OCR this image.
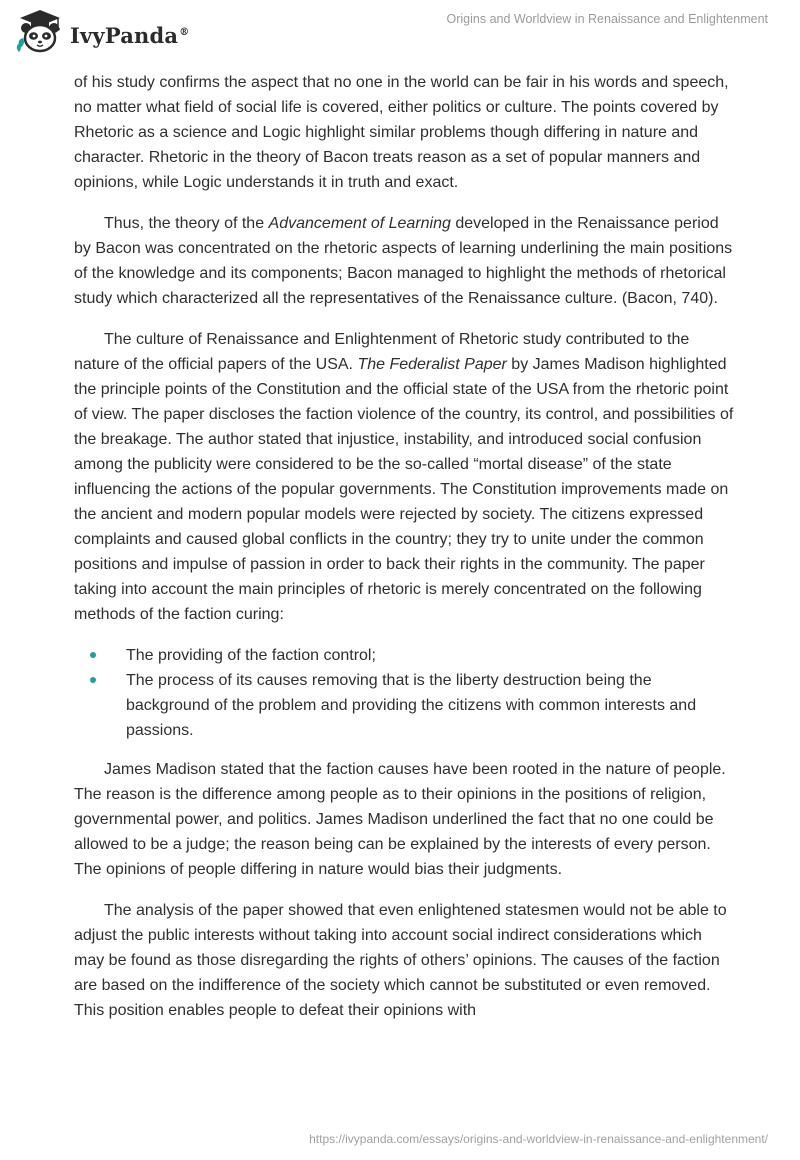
IvyPanda®
Origins and Worldview in Renaissance and Enlightenment

of his study confirms the aspect that no one in the world can be fair in his words and speech, no matter what field of social life is covered, either politics or culture. The points covered by Rhetoric as a science and Logic highlight similar problems though differing in nature and character. Rhetoric in the theory of Bacon treats reason as a set of popular manners and opinions, while Logic understands it in truth and exact.

Thus, the theory of the Advancement of Learning developed in the Renaissance period by Bacon was concentrated on the rhetoric aspects of learning underlining the main positions of the knowledge and its components; Bacon managed to highlight the methods of rhetorical study which characterized all the representatives of the Renaissance culture. (Bacon, 740).

The culture of Renaissance and Enlightenment of Rhetoric study contributed to the nature of the official papers of the USA. The Federalist Paper by James Madison highlighted the principle points of the Constitution and the official state of the USA from the rhetoric point of view. The paper discloses the faction violence of the country, its control, and possibilities of the breakage. The author stated that injustice, instability, and introduced social confusion among the publicity were considered to be the so-called “mortal disease” of the state influencing the actions of the popular governments. The Constitution improvements made on the ancient and modern popular models were rejected by society. The citizens expressed complaints and caused global conflicts in the country; they try to unite under the common positions and impulse of passion in order to back their rights in the community. The paper taking into account the main principles of rhetoric is merely concentrated on the following methods of the faction curing:

The providing of the faction control;
The process of its causes removing that is the liberty destruction being the background of the problem and providing the citizens with common interests and passions.

James Madison stated that the faction causes have been rooted in the nature of people. The reason is the difference among people as to their opinions in the positions of religion, governmental power, and politics. James Madison underlined the fact that no one could be allowed to be a judge; the reason being can be explained by the interests of every person. The opinions of people differing in nature would bias their judgments.

The analysis of the paper showed that even enlightened statesmen would not be able to adjust the public interests without taking into account social indirect considerations which may be found as those disregarding the rights of others’ opinions. The causes of the faction are based on the indifference of the society which cannot be substituted or even removed. This position enables people to defeat their opinions with

https://ivypanda.com/essays/origins-and-worldview-in-renaissance-and-enlightenment/
